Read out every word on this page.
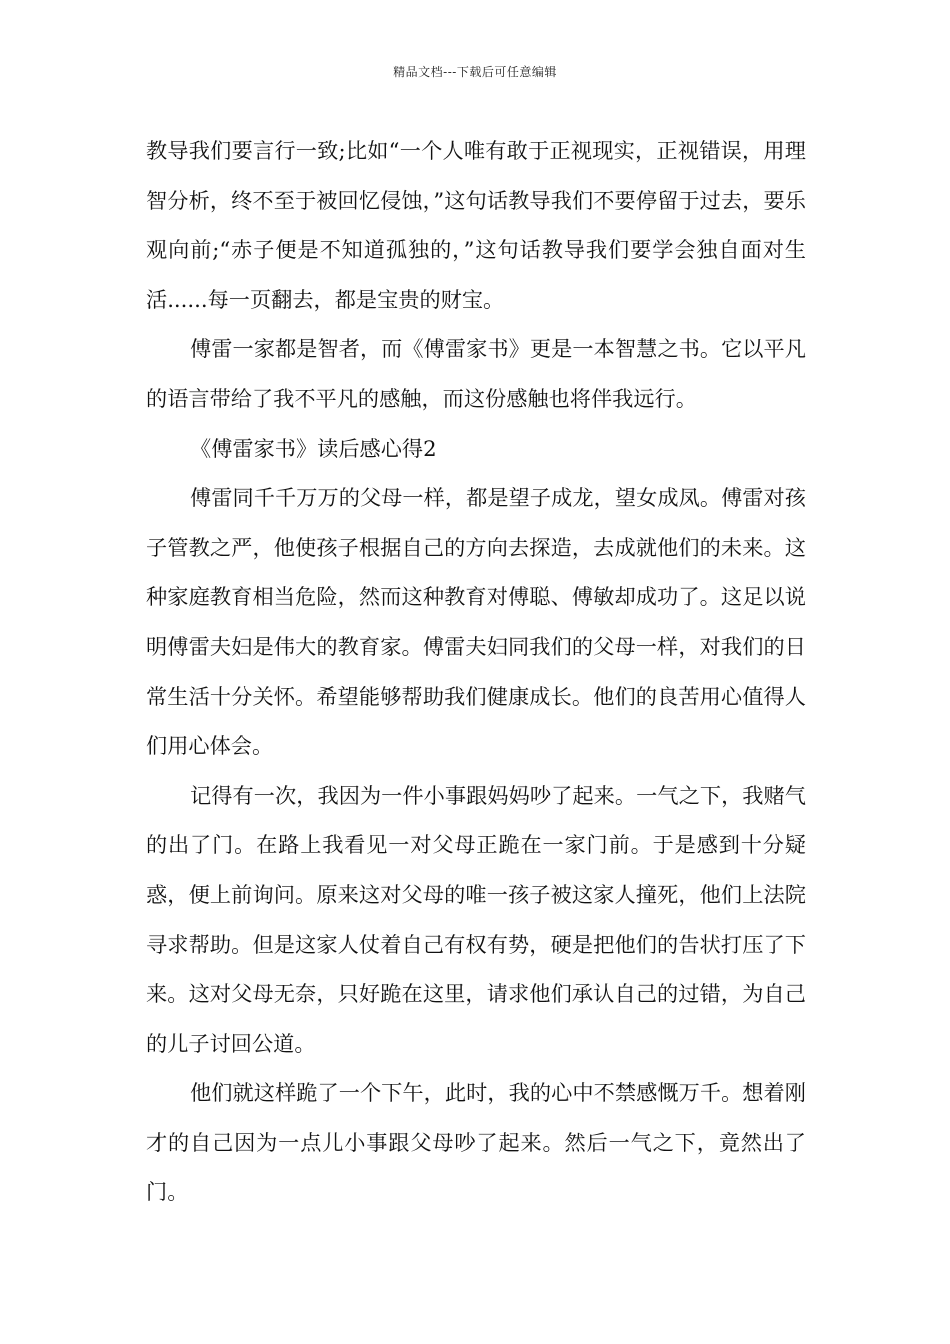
精品文档---下载后可任意编辑

教导我们要言行一致;比如“一个人唯有敢于正视现实，正视错误，用理智分析，终不至于被回忆侵蚀，”这句话教导我们不要停留于过去，要乐观向前;“赤子便是不知道孤独的，”这句话教导我们要学会独自面对生活......每一页翻去，都是宝贵的财宝。

傅雷一家都是智者，而《傅雷家书》更是一本智慧之书。它以平凡的语言带给了我不平凡的感触，而这份感触也将伴我远行。

《傅雷家书》读后感心得2

傅雷同千千万万的父母一样，都是望子成龙，望女成凤。傅雷对孩子管教之严，他使孩子根据自己的方向去探造，去成就他们的未来。这种家庭教育相当危险，然而这种教育对傅聪、傅敏却成功了。这足以说明傅雷夫妇是伟大的教育家。傅雷夫妇同我们的父母一样，对我们的日常生活十分关怀。希望能够帮助我们健康成长。他们的良苦用心值得人们用心体会。

记得有一次，我因为一件小事跟妈妈吵了起来。一气之下，我赌气的出了门。在路上我看见一对父母正跪在一家门前。于是感到十分疑惑，便上前询问。原来这对父母的唯一孩子被这家人撞死，他们上法院寻求帮助。但是这家人仗着自己有权有势，硬是把他们的告状打压了下来。这对父母无奈，只好跪在这里，请求他们承认自己的过错，为自己的儿子讨回公道。

他们就这样跪了一个下午，此时，我的心中不禁感慨万千。想着刚才的自己因为一点儿小事跟父母吵了起来。然后一气之下，竟然出了门。
